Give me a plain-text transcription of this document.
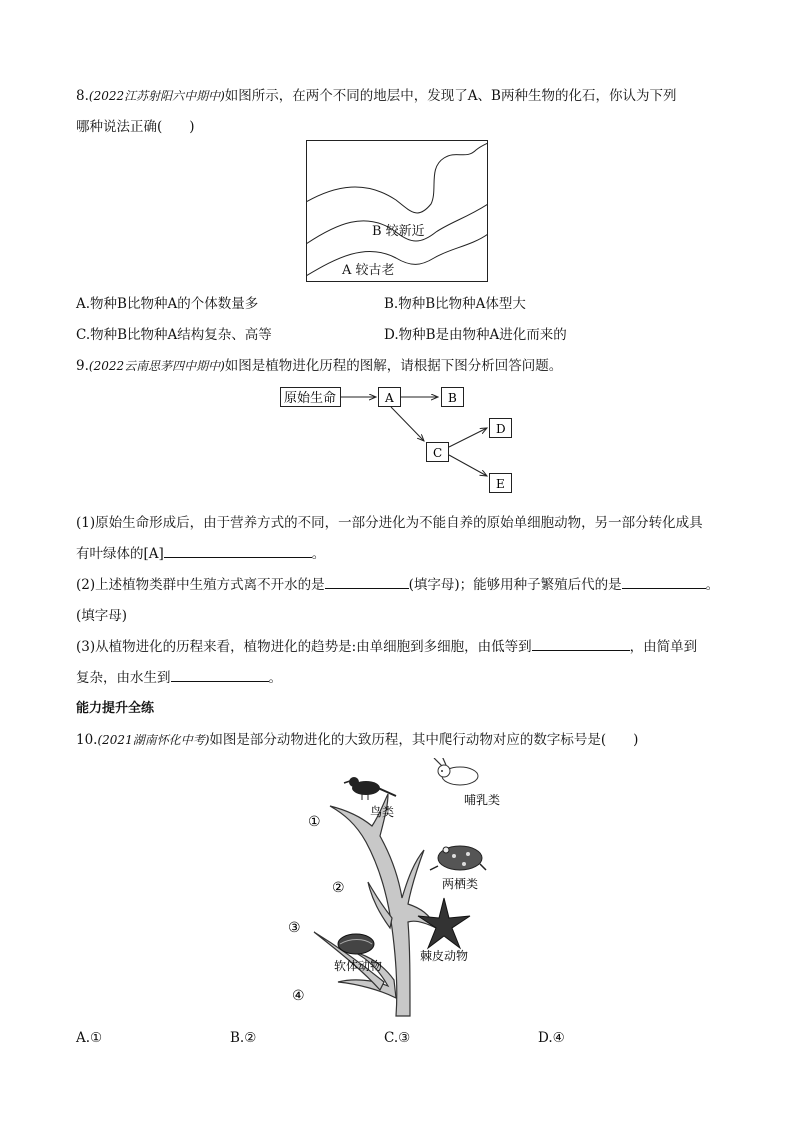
8.(2022江苏射阳六中期中)如图所示，在两个不同的地层中，发现了A、B两种生物的化石，你认为下列
哪种说法正确(　　)
B 较新近
A 较古老
A.物种B比物种A的个体数量多	B.物种B比物种A体型大
C.物种B比物种A结构复杂、高等	D.物种B是由物种A进化而来的
9.(2022云南思茅四中期中)如图是植物进化历程的图解，请根据下图分析回答问题。
原始生命	A	B
C
D
E
(1)原始生命形成后，由于营养方式的不同，一部分进化为不能自养的原始单细胞动物，另一部分转化成具
有叶绿体的[A]	。
(2)上述植物类群中生殖方式离不开水的是	(填字母)；能够用种子繁殖后代的是	。
(填字母)
(3)从植物进化的历程来看，植物进化的趋势是:由单细胞到多细胞，由低等到	，由简单到
复杂，由水生到	。
能力提升全练
10.(2021湖南怀化中考)如图是部分动物进化的大致历程，其中爬行动物对应的数字标号是(　　)
鸟类
哺乳类
两栖类
棘皮动物
软体动物
①
②
③
④
A.①	B.②	C.③	D.④
